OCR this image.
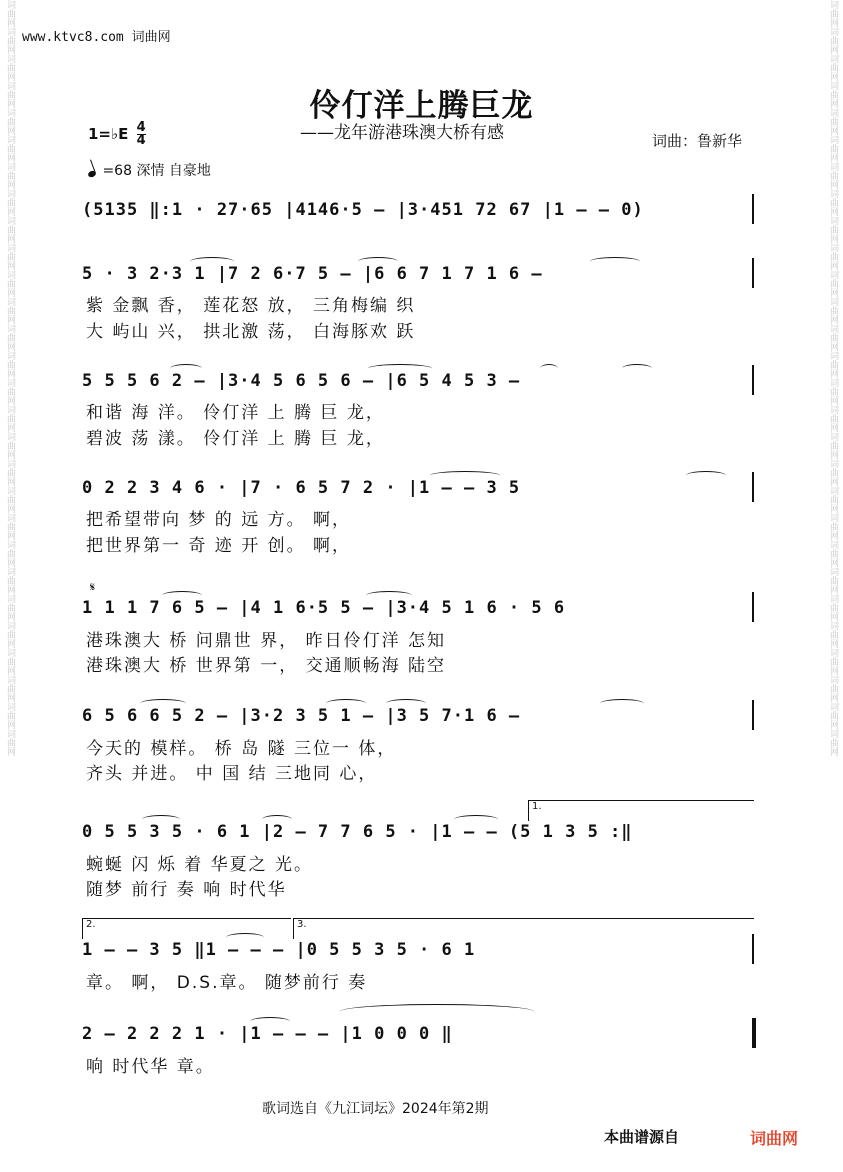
词曲网词曲网词曲网词曲网词曲网词曲网词曲网词曲网词曲网词曲网词曲网词曲网词曲网词曲网词曲网词曲网词曲网词曲网词曲网词曲网词曲网词曲网词曲网词曲网词曲网词曲网词曲网词曲网	词曲网词曲网词曲网词曲网词曲网词曲网词曲网词曲网词曲网词曲网词曲网词曲网词曲网词曲网词曲网词曲网词曲网词曲网词曲网词曲网词曲网词曲网词曲网词曲网词曲网词曲网词曲网词曲网
www.ktvc8.com 词曲网
伶仃洋上腾巨龙
——龙年游港珠澳大桥有感	词曲：鲁新华
1=♭E $\frac{4}{4}$
=68 深情 自豪地
(5135 ‖:1 · 27·65 |4146·5 – |3·451 72 67 |1 – – 0)
5 · 3 2·3 1 |7 2 6·7 5 – |6 6 7 1 7 1 6 –
紫 金飘 香， 莲花怒 放， 三角梅编 织
大 屿山 兴， 拱北激 荡， 白海豚欢 跃
5 5 5 6 2 – |3·4 5 6 5 6 – |6 5 4 5 3 –
和谐 海 洋。 伶仃洋 上 腾 巨 龙，
碧波 荡 漾。 伶仃洋 上 腾 巨 龙，
0 2 2 3 4 6 · |7 · 6 5 7 2 · |1 – – 3 5
把希望带向 梦 的 远 方。 啊，
把世界第一 奇 迹 开 创。 啊，
𝄋
1 1 1 7 6 5 – |4 1 6·5 5 – |3·4 5 1 6 · 5 6
港珠澳大 桥 问鼎世 界， 昨日伶仃洋 怎知
港珠澳大 桥 世界第 一， 交通顺畅海 陆空
6 5 6 6 5 2 – |3·2 3 5 1 – |3 5 7·1 6 –
今天的 模样。 桥 岛 隧 三位一 体，
齐头 并进。 中 国 结 三地同 心，
1.
0 5 5 3 5 · 6 1 |2 – 7 7 6 5 · |1 – – (5 1 3 5 :‖
蜿蜒 闪 烁 着 华夏之 光。
随梦 前行 奏 响 时代华
2.	3.
1 – – 3 5 ‖1 – – – |0 5 5 3 5 · 6 1
章。 啊， D.S.章。 随梦前行 奏
2 – 2 2 2 1 · |1 – – – |1 0 0 0 ‖
响 时代华 章。
歌词选自《九江词坛》2024年第2期
本曲谱源自	词曲网
